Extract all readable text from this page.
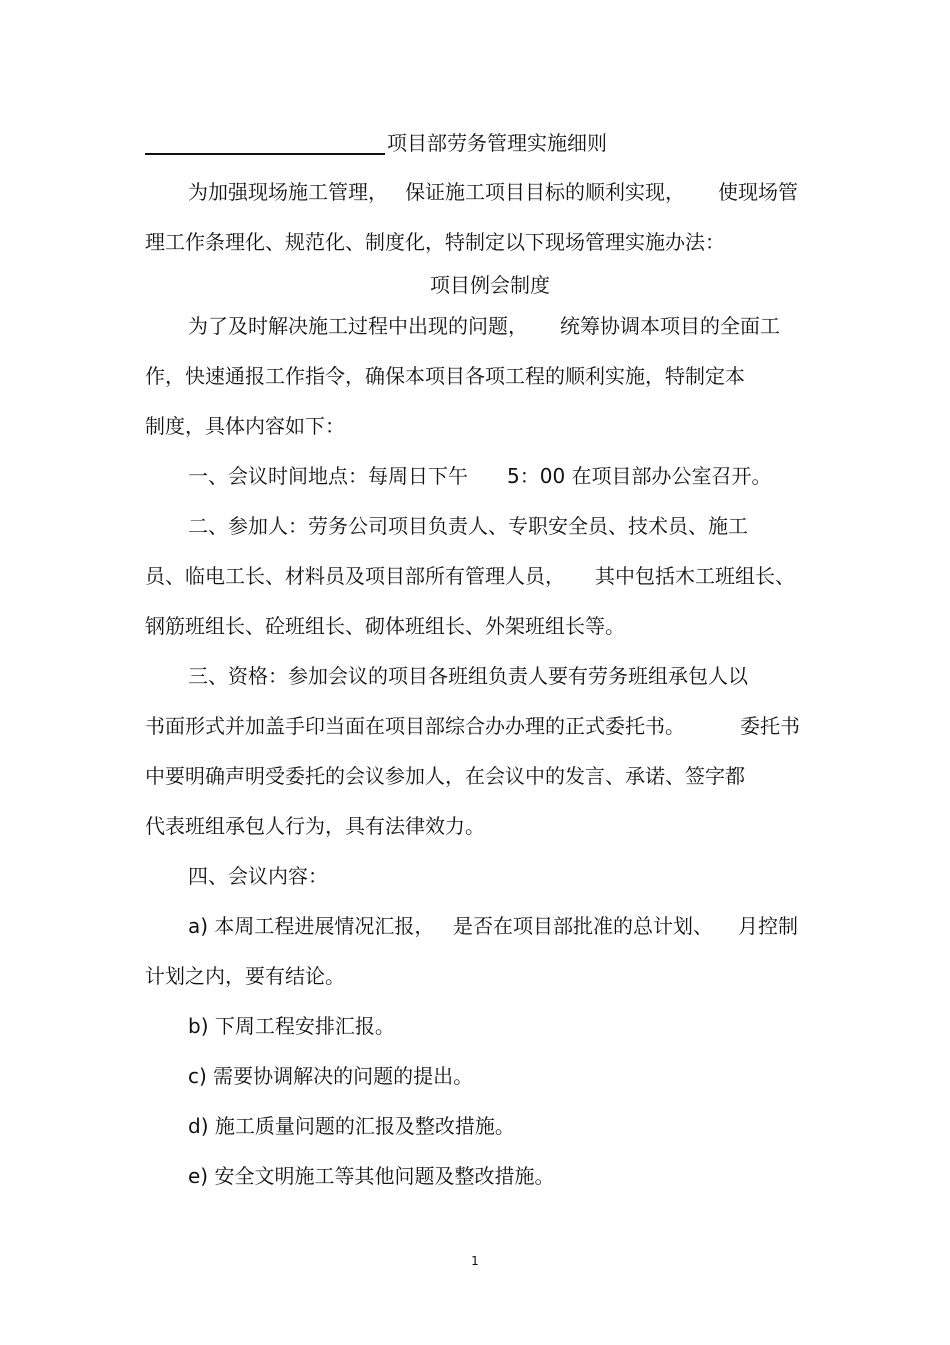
项目部劳务管理实施细则
为加强现场施工管理， 保证施工项目目标的顺利实现， 使现场管
理工作条理化、规范化、制度化，特制定以下现场管理实施办法：
项目例会制度
为了及时解决施工过程中出现的问题， 统筹协调本项目的全面工
作，快速通报工作指令，确保本项目各项工程的顺利实施，特制定本
制度，具体内容如下：
一、会议时间地点：每周日下午 5：00 在项目部办公室召开。
二、参加人：劳务公司项目负责人、专职安全员、技术员、施工
员、临电工长、材料员及项目部所有管理人员， 其中包括木工班组长、
钢筋班组长、砼班组长、砌体班组长、外架班组长等。
三、资格：参加会议的项目各班组负责人要有劳务班组承包人以
书面形式并加盖手印当面在项目部综合办办理的正式委托书。	委托书
中要明确声明受委托的会议参加人，在会议中的发言、承诺、签字都
代表班组承包人行为，具有法律效力。
四、会议内容：
a) 本周工程进展情况汇报， 是否在项目部批准的总计划、 月控制
计划之内，要有结论。
b) 下周工程安排汇报。
c) 需要协调解决的问题的提出。
d) 施工质量问题的汇报及整改措施。
e) 安全文明施工等其他问题及整改措施。
1
